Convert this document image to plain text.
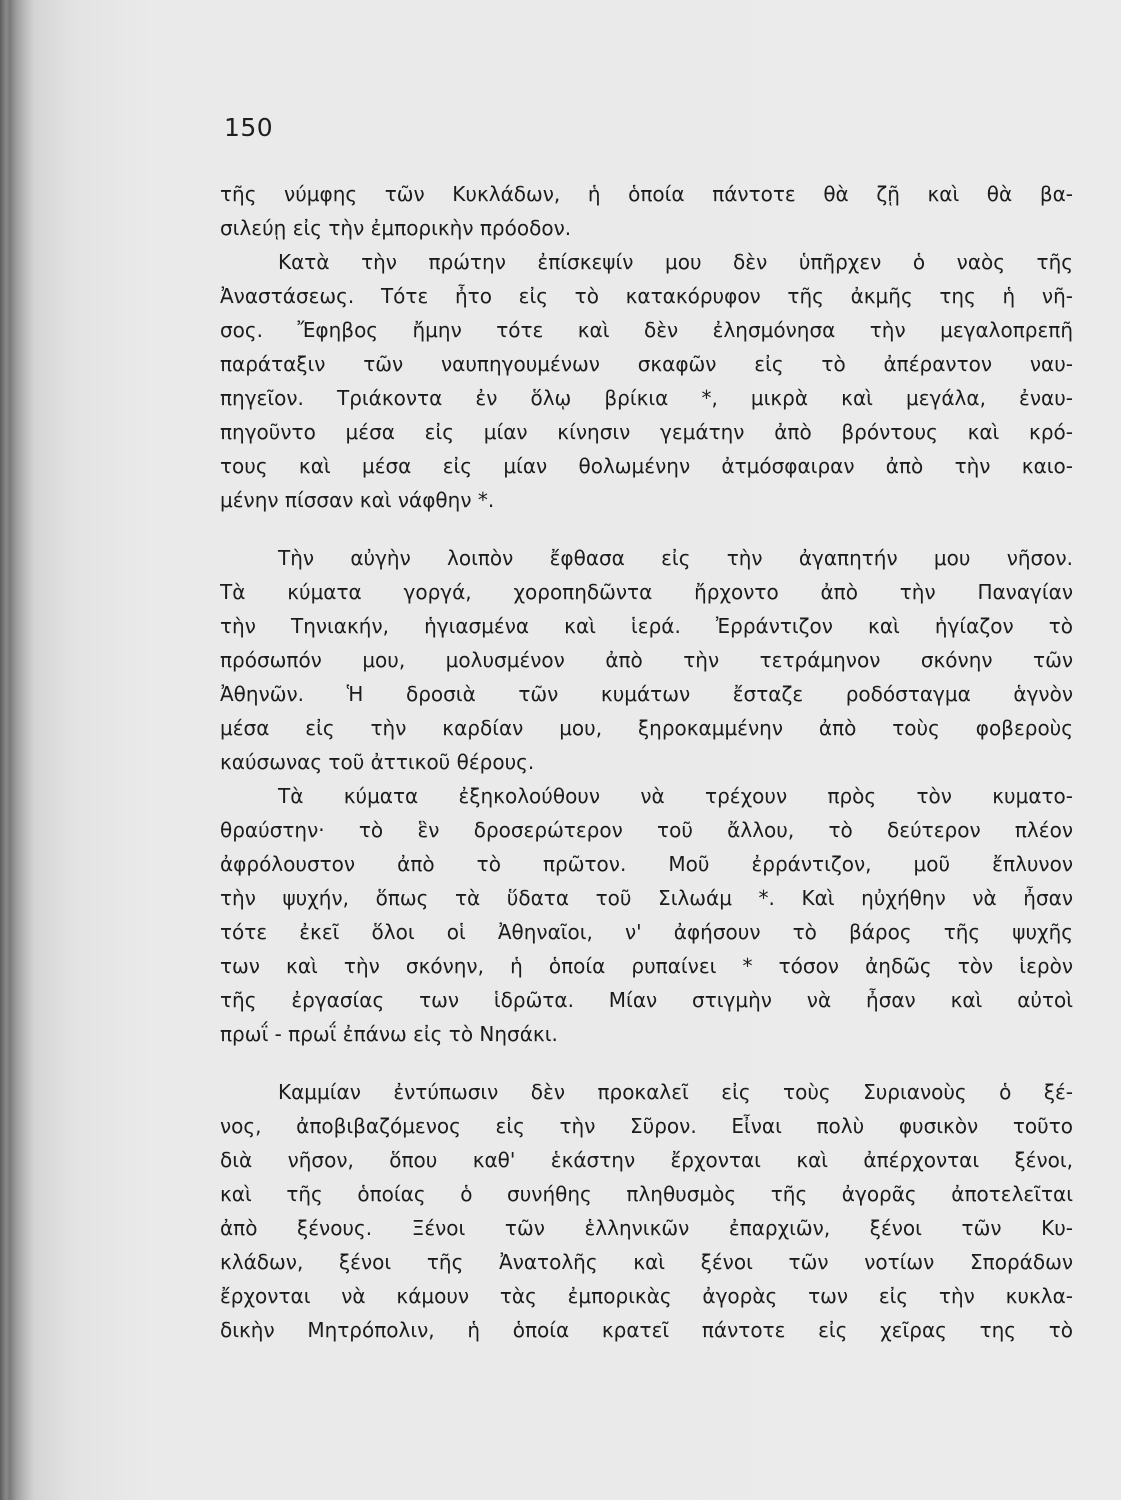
150
τῆς νύμφης τῶν Κυκλάδων, ἡ ὁποία πάντοτε θὰ ζῇ καὶ θὰ βα-
σιλεύῃ εἰς τὴν ἐμπορικὴν πρόοδον.
Κατὰ τὴν πρώτην ἐπίσκεψίν μου δὲν ὑπῆρχεν ὁ ναὸς τῆς
Ἀναστάσεως. Τότε ἦτο εἰς τὸ κατακόρυφον τῆς ἀκμῆς της ἡ νῆ-
σος. Ἔφηβος ἤμην τότε καὶ δὲν ἐλησμόνησα τὴν μεγαλοπρεπῆ
παράταξιν τῶν ναυπηγουμένων σκαφῶν εἰς τὸ ἀπέραντον ναυ-
πηγεῖον. Τριάκοντα ἐν ὅλῳ βρίκια *, μικρὰ καὶ μεγάλα, ἐναυ-
πηγοῦντο μέσα εἰς μίαν κίνησιν γεμάτην ἀπὸ βρόντους καὶ κρό-
τους καὶ μέσα εἰς μίαν θολωμένην ἀτμόσφαιραν ἀπὸ τὴν καιο-
μένην πίσσαν καὶ νάφθην *.
Τὴν αὐγὴν λοιπὸν ἔφθασα εἰς τὴν ἀγαπητήν μου νῆσον.
Τὰ κύματα γοργά, χοροπηδῶντα ἤρχοντο ἀπὸ τὴν Παναγίαν
τὴν Τηνιακήν, ἡγιασμένα καὶ ἱερά. Ἐρράντιζον καὶ ἡγίαζον τὸ
πρόσωπόν μου, μολυσμένον ἀπὸ τὴν τετράμηνον σκόνην τῶν
Ἀθηνῶν. Ἡ δροσιὰ τῶν κυμάτων ἔσταζε ροδόσταγμα ἁγνὸν
μέσα εἰς τὴν καρδίαν μου, ξηροκαμμένην ἀπὸ τοὺς φοβεροὺς
καύσωνας τοῦ ἀττικοῦ θέρους.
Τὰ κύματα ἐξηκολούθουν νὰ τρέχουν πρὸς τὸν κυματο-
θραύστην· τὸ ἓν δροσερώτερον τοῦ ἄλλου, τὸ δεύτερον πλέον
ἀφρόλουστον ἀπὸ τὸ πρῶτον. Μοῦ ἐρράντιζον, μοῦ ἔπλυνον
τὴν ψυχήν, ὅπως τὰ ὕδατα τοῦ Σιλωάμ *. Καὶ ηὐχήθην νὰ ἦσαν
τότε ἐκεῖ ὅλοι οἱ Ἀθηναῖοι, ν' ἀφήσουν τὸ βάρος τῆς ψυχῆς
των καὶ τὴν σκόνην, ἡ ὁποία ρυπαίνει * τόσον ἀηδῶς τὸν ἱερὸν
τῆς ἐργασίας των ἱδρῶτα. Μίαν στιγμὴν νὰ ἦσαν καὶ αὐτοὶ
πρωΐ - πρωΐ ἐπάνω εἰς τὸ Νησάκι.
Καμμίαν ἐντύπωσιν δὲν προκαλεῖ εἰς τοὺς Συριανοὺς ὁ ξέ-
νος, ἀποβιβαζόμενος εἰς τὴν Σῦρον. Εἶναι πολὺ φυσικὸν τοῦτο
διὰ νῆσον, ὅπου καθ' ἑκάστην ἔρχονται καὶ ἀπέρχονται ξένοι,
καὶ τῆς ὁποίας ὁ συνήθης πληθυσμὸς τῆς ἀγορᾶς ἀποτελεῖται
ἀπὸ ξένους. Ξένοι τῶν ἑλληνικῶν ἐπαρχιῶν, ξένοι τῶν Κυ-
κλάδων, ξένοι τῆς Ἀνατολῆς καὶ ξένοι τῶν νοτίων Σποράδων
ἔρχονται νὰ κάμουν τὰς ἐμπορικὰς ἀγορὰς των εἰς τὴν κυκλα-
δικὴν Μητρόπολιν, ἡ ὁποία κρατεῖ πάντοτε εἰς χεῖρας της τὸ
